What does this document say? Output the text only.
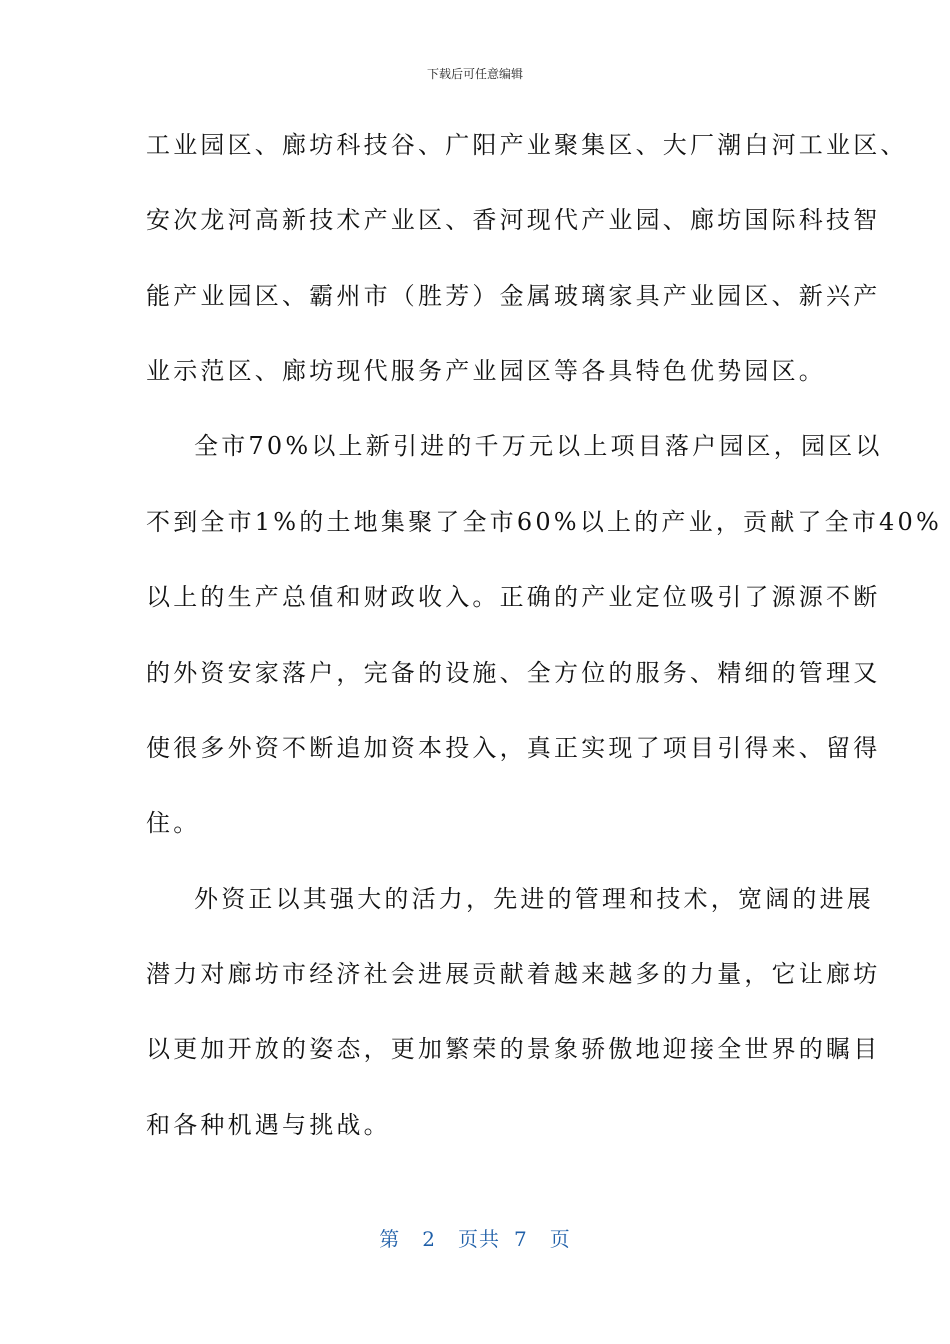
下载后可任意编辑
工业园区、廊坊科技谷、广阳产业聚集区、大厂潮白河工业区、
安次龙河高新技术产业区、香河现代产业园、廊坊国际科技智
能产业园区、霸州市（胜芳）金属玻璃家具产业园区、新兴产
业示范区、廊坊现代服务产业园区等各具特色优势园区。
全市70%以上新引进的千万元以上项目落户园区，园区以
不到全市1%的土地集聚了全市60%以上的产业，贡献了全市40%
以上的生产总值和财政收入。正确的产业定位吸引了源源不断
的外资安家落户，完备的设施、全方位的服务、精细的管理又
使很多外资不断追加资本投入，真正实现了项目引得来、留得
住。
外资正以其强大的活力，先进的管理和技术，宽阔的进展
潜力对廊坊市经济社会进展贡献着越来越多的力量，它让廊坊
以更加开放的姿态，更加繁荣的景象骄傲地迎接全世界的瞩目
和各种机遇与挑战。
第 2 页共 7 页
